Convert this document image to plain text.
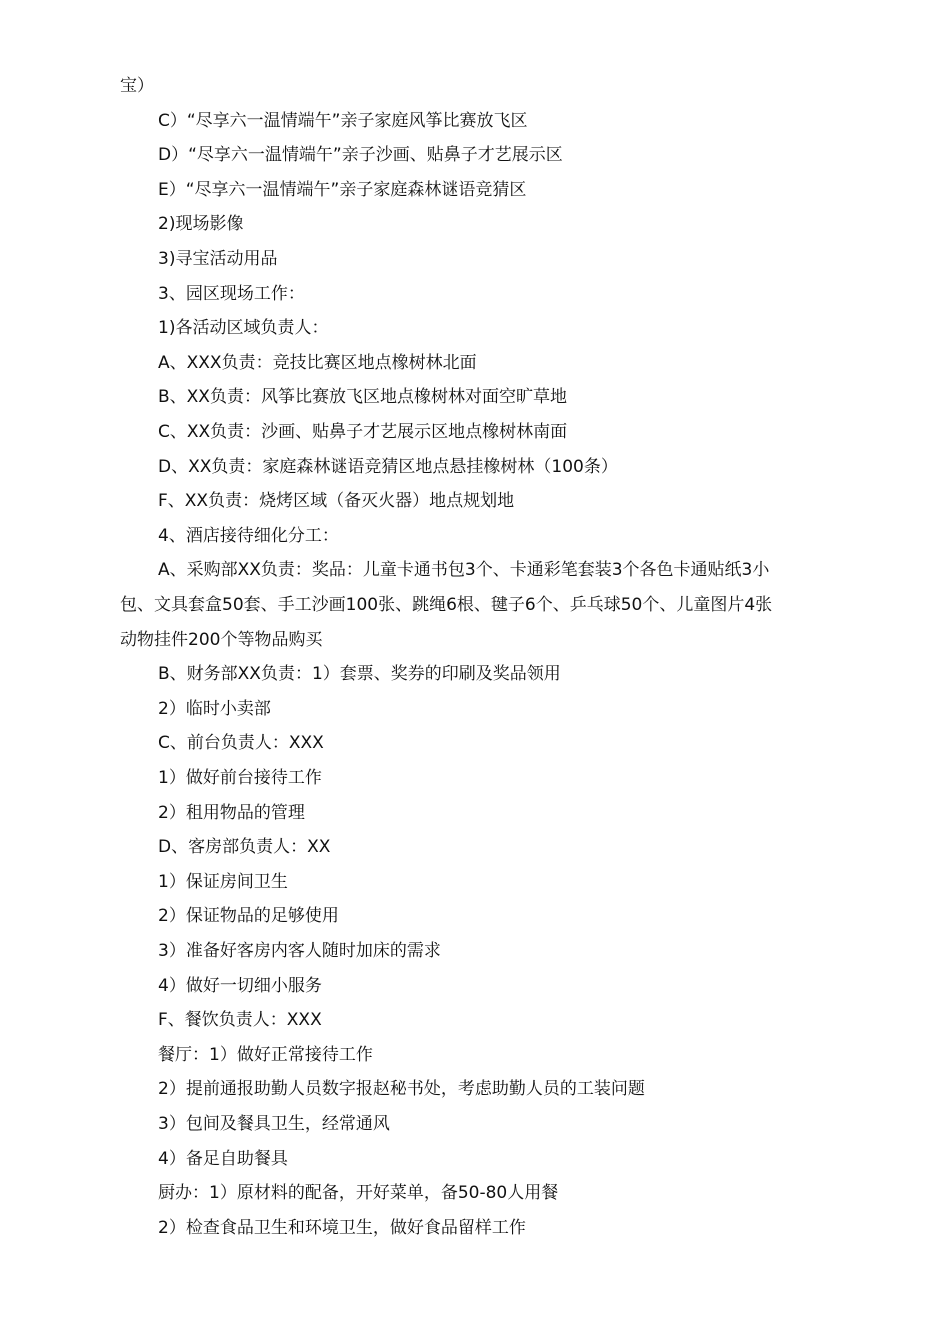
宝）
C）“尽享六一温情端午”亲子家庭风筝比赛放飞区
D）“尽享六一温情端午”亲子沙画、贴鼻子才艺展示区
E）“尽享六一温情端午”亲子家庭森林谜语竞猜区
2)现场影像
3)寻宝活动用品
3、园区现场工作：
1)各活动区域负责人：
A、XXX负责：竞技比赛区地点橡树林北面
B、XX负责：风筝比赛放飞区地点橡树林对面空旷草地
C、XX负责：沙画、贴鼻子才艺展示区地点橡树林南面
D、XX负责：家庭森林谜语竞猜区地点悬挂橡树林（100条）
F、XX负责：烧烤区域（备灭火器）地点规划地
4、酒店接待细化分工：
A、采购部XX负责：奖品：儿童卡通书包3个、卡通彩笔套装3个各色卡通贴纸3小
包、文具套盒50套、手工沙画100张、跳绳6根、毽子6个、乒乓球50个、儿童图片4张
动物挂件200个等物品购买
B、财务部XX负责：1）套票、奖券的印刷及奖品领用
2）临时小卖部
C、前台负责人：XXX
1）做好前台接待工作
2）租用物品的管理
D、客房部负责人：XX
1）保证房间卫生
2）保证物品的足够使用
3）准备好客房内客人随时加床的需求
4）做好一切细小服务
F、餐饮负责人：XXX
餐厅：1）做好正常接待工作
2）提前通报助勤人员数字报赵秘书处，考虑助勤人员的工装问题
3）包间及餐具卫生，经常通风
4）备足自助餐具
厨办：1）原材料的配备，开好菜单，备50-80人用餐
2）检查食品卫生和环境卫生，做好食品留样工作
